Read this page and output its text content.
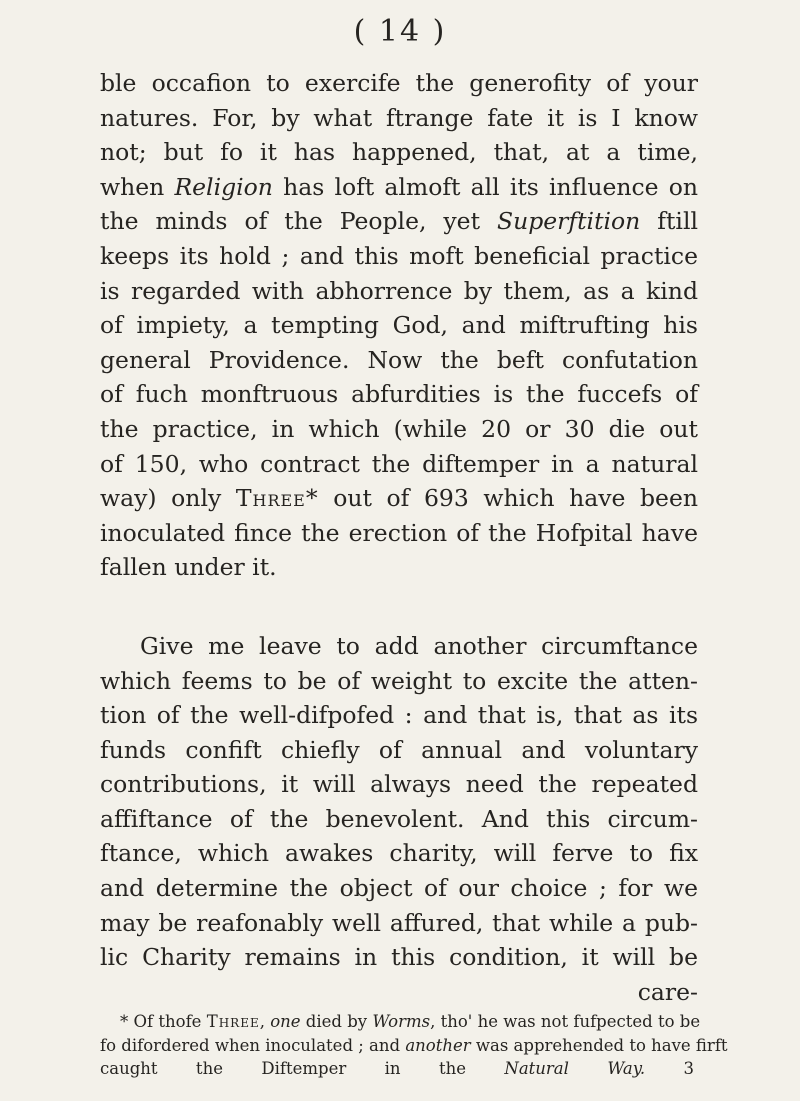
( 14 )
ble occafion to exercife the generofity of your
natures. For, by what ftrange fate it is I know
not; but fo it has happened, that, at a time,
when Religion has loft almoft all its influence on
the minds of the People, yet Superftition ftill
keeps its hold ; and this moft beneficial practice
is regarded with abhorrence by them, as a kind
of impiety, a tempting God, and miftrufting his
general Providence. Now the beft confutation
of fuch monftruous abfurdities is the fuccefs of
the practice, in which (while 20 or 30 die out
of 150, who contract the diftemper in a natural
way) only Three* out of 693 which have been
inoculated fince the erection of the Hofpital have
fallen under it.
Give me leave to add another circumftance
which feems to be of weight to excite the atten-
tion of the well-difpofed : and that is, that as its
funds confift chiefly of annual and voluntary
contributions, it will always need the repeated
affiftance of the benevolent. And this circum-
ftance, which awakes charity, will ferve to fix
and determine the object of our choice ; for we
may be reafonably well affured, that while a pub-
lic Charity remains in this condition, it will be
care-
* Of thofe Three, one died by Worms, tho' he was not fufpected to be
fo difordered when inoculated ; and another was apprehended to have firft
caught the Diftemper in the Natural Way. 3
